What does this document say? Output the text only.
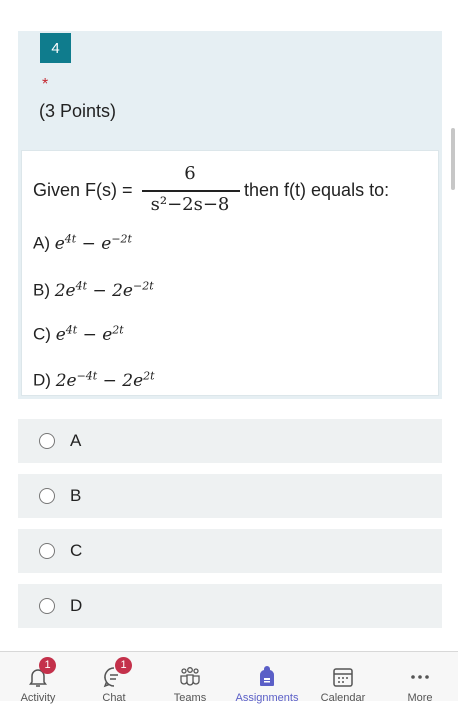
4
*
(3 Points)
Given F(s) =
6
s²−2s−8
then f(t) equals to:
A) $e^{4t} - e^{-2t}$
B) $2e^{4t} - 2e^{-2t}$
C) $e^{4t} - e^{2t}$
D) $2e^{-4t} - 2e^{2t}$
A
B
C
D
1
Activity
1
Chat	Teams	Assignments	Calendar	More
